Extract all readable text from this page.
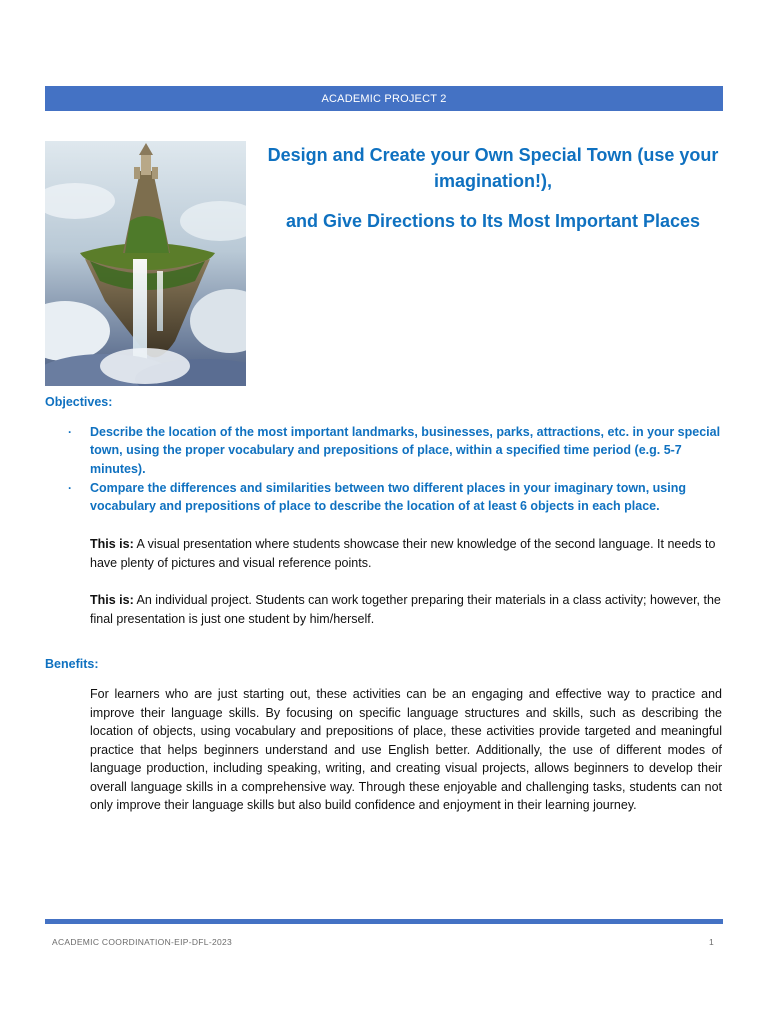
ACADEMIC PROJECT 2

Design and Create your Own Special Town (use your imagination!),

and Give Directions to Its Most Important Places

Objectives:
· Describe the location of the most important landmarks, businesses, parks, attractions, etc. in your special town, using the proper vocabulary and prepositions of place, within a specified time period (e.g. 5-7 minutes).
· Compare the differences and similarities between two different places in your imaginary town, using vocabulary and prepositions of place to describe the location of at least 6 objects in each place.

This is: A visual presentation where students showcase their new knowledge of the second language. It needs to have plenty of pictures and visual reference points.

This is: An individual project. Students can work together preparing their materials in a class activity; however, the final presentation is just one student by him/herself.

Benefits:

For learners who are just starting out, these activities can be an engaging and effective way to practice and improve their language skills. By focusing on specific language structures and skills, such as describing the location of objects, using vocabulary and prepositions of place, these activities provide targeted and meaningful practice that helps beginners understand and use English better. Additionally, the use of different modes of language production, including speaking, writing, and creating visual projects, allows beginners to develop their overall language skills in a comprehensive way. Through these enjoyable and challenging tasks, students can not only improve their language skills but also build confidence and enjoyment in their learning journey.

ACADEMIC COORDINATION-EIP-DFL-2023	1
